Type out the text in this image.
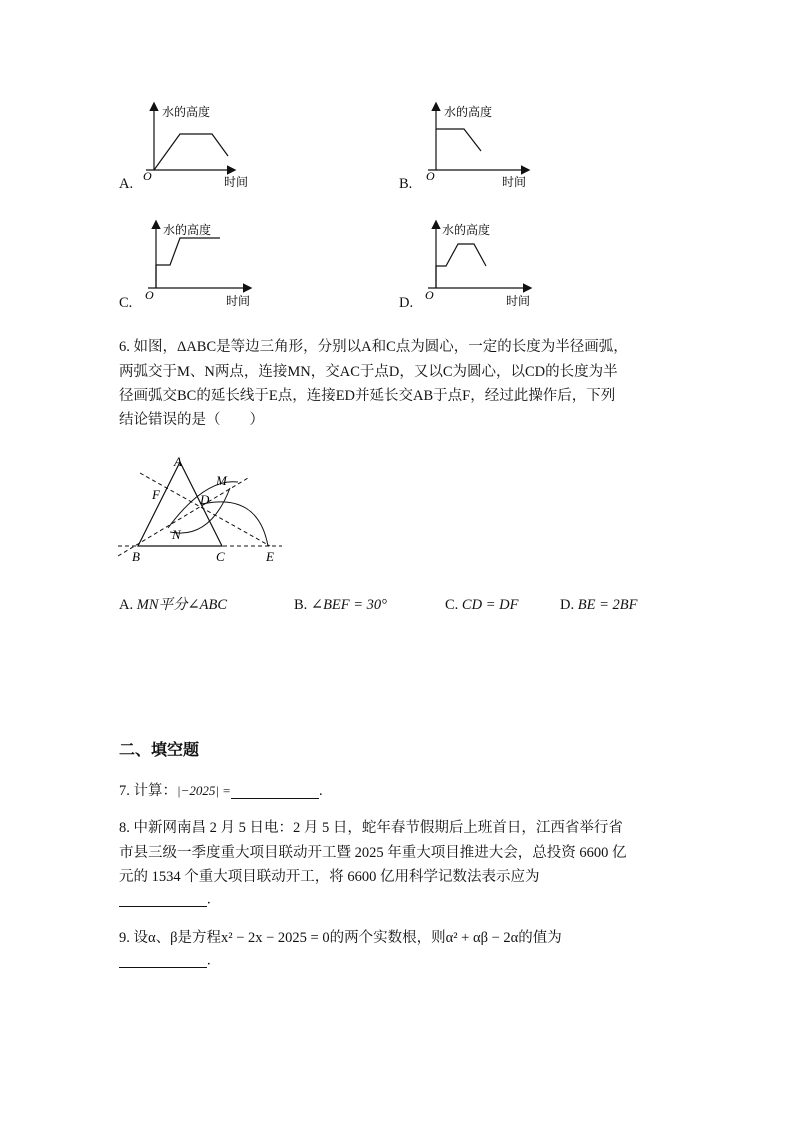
水的高度
O	时间
水的高度
O	时间
水的高度
O	时间
水的高度
O	时间
A.	B.
C.	D.
6. 如图，ΔABC是等边三角形，分别以A和C点为圆心，一定的长度为半径画弧，
两弧交于M、N两点，连接MN，交AC于点D，又以C为圆心，以CD的长度为半
径画弧交BC的延长线于E点，连接ED并延长交AB于点F，经过此操作后，下列
结论错误的是（　　）
A
B	C
D
E
F
M
N
A. MN平分∠ABC	B. ∠BEF = 30°	C. CD = DF	D. BE = 2BF
二、填空题
7. 计算：|−2025| =	.
8. 中新网南昌 2 月 5 日电：2 月 5 日，蛇年春节假期后上班首日，江西省举行省
市县三级一季度重大项目联动开工暨 2025 年重大项目推进大会，总投资 6600 亿
元的 1534 个重大项目联动开工，将 6600 亿用科学记数法表示应为
.
9. 设α、β是方程x² − 2x − 2025 = 0的两个实数根，则α² + αβ − 2α的值为
.
